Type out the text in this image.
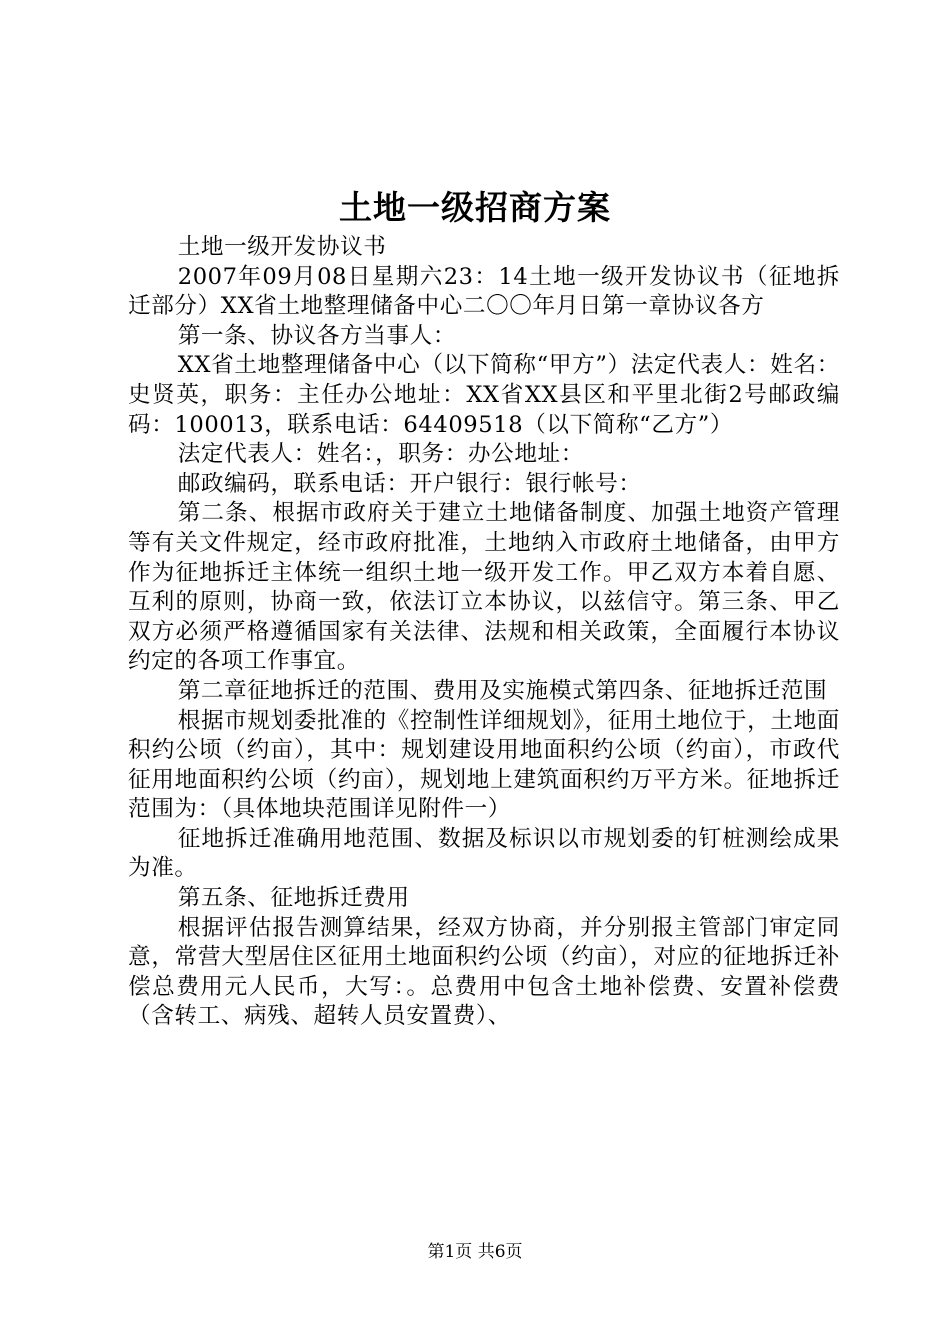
土地一级招商方案

土地一级开发协议书

2007年09月08日星期六23：14土地一级开发协议书（征地拆迁部分）XX省土地整理储备中心二〇〇年月日第一章协议各方

第一条、协议各方当事人：

XX省土地整理储备中心（以下简称“甲方”）法定代表人：姓名：史贤英，职务：主任办公地址：XX省XX县区和平里北街2号邮政编码：100013，联系电话：64409518（以下简称“乙方”）

法定代表人：姓名：，职务：办公地址：

邮政编码，联系电话：开户银行：银行帐号：

第二条、根据市政府关于建立土地储备制度、加强土地资产管理等有关文件规定，经市政府批准，土地纳入市政府土地储备，由甲方作为征地拆迁主体统一组织土地一级开发工作。甲乙双方本着自愿、互利的原则，协商一致，依法订立本协议，以兹信守。第三条、甲乙双方必须严格遵循国家有关法律、法规和相关政策，全面履行本协议约定的各项工作事宜。

第二章征地拆迁的范围、费用及实施模式第四条、征地拆迁范围

根据市规划委批准的《控制性详细规划》，征用土地位于，土地面积约公顷（约亩），其中：规划建设用地面积约公顷（约亩），市政代征用地面积约公顷（约亩），规划地上建筑面积约万平方米。征地拆迁范围为：（具体地块范围详见附件一）

征地拆迁准确用地范围、数据及标识以市规划委的钉桩测绘成果为准。

第五条、征地拆迁费用

根据评估报告测算结果，经双方协商，并分别报主管部门审定同意，常营大型居住区征用土地面积约公顷（约亩），对应的征地拆迁补偿总费用元人民币，大写：。总费用中包含土地补偿费、安置补偿费（含转工、病残、超转人员安置费）、

第1页 共6页
